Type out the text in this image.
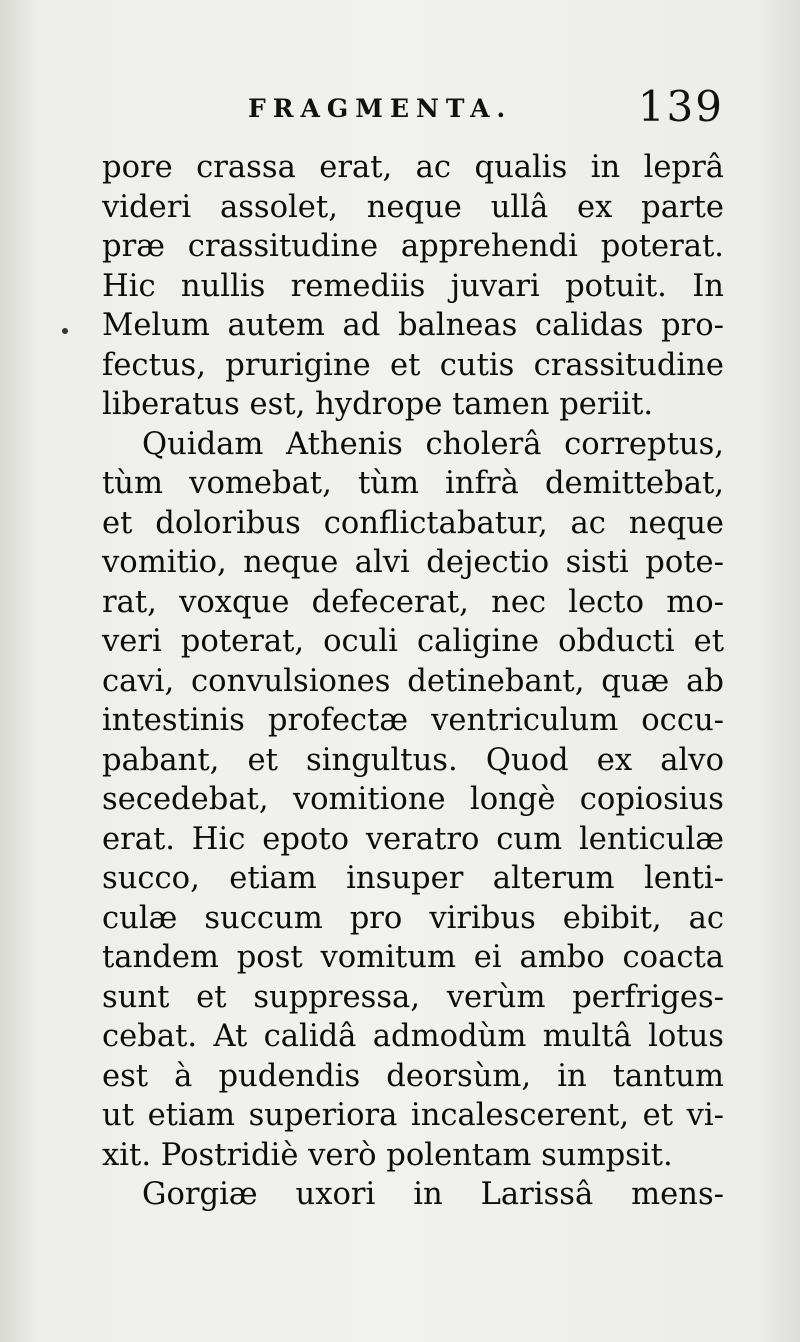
FRAGMENTA.	139
pore crassa erat, ac qualis in leprâ
videri assolet, neque ullâ ex parte
præ crassitudine apprehendi poterat.
Hic nullis remediis juvari potuit. In
Melum autem ad balneas calidas pro-
fectus, prurigine et cutis crassitudine
liberatus est, hydrope tamen periit.
Quidam Athenis cholerâ correptus,
tùm vomebat, tùm infrà demittebat,
et doloribus conflictabatur, ac neque
vomitio, neque alvi dejectio sisti pote-
rat, voxque defecerat, nec lecto mo-
veri poterat, oculi caligine obducti et
cavi, convulsiones detinebant, quæ ab
intestinis profectæ ventriculum occu-
pabant, et singultus. Quod ex alvo
secedebat, vomitione longè copiosius
erat. Hic epoto veratro cum lenticulæ
succo, etiam insuper alterum lenti-
culæ succum pro viribus ebibit, ac
tandem post vomitum ei ambo coacta
sunt et suppressa, verùm perfriges-
cebat. At calidâ admodùm multâ lotus
est à pudendis deorsùm, in tantum
ut etiam superiora incalescerent, et vi-
xit. Postridiè verò polentam sumpsit.
Gorgiæ uxori in Larissâ mens-
